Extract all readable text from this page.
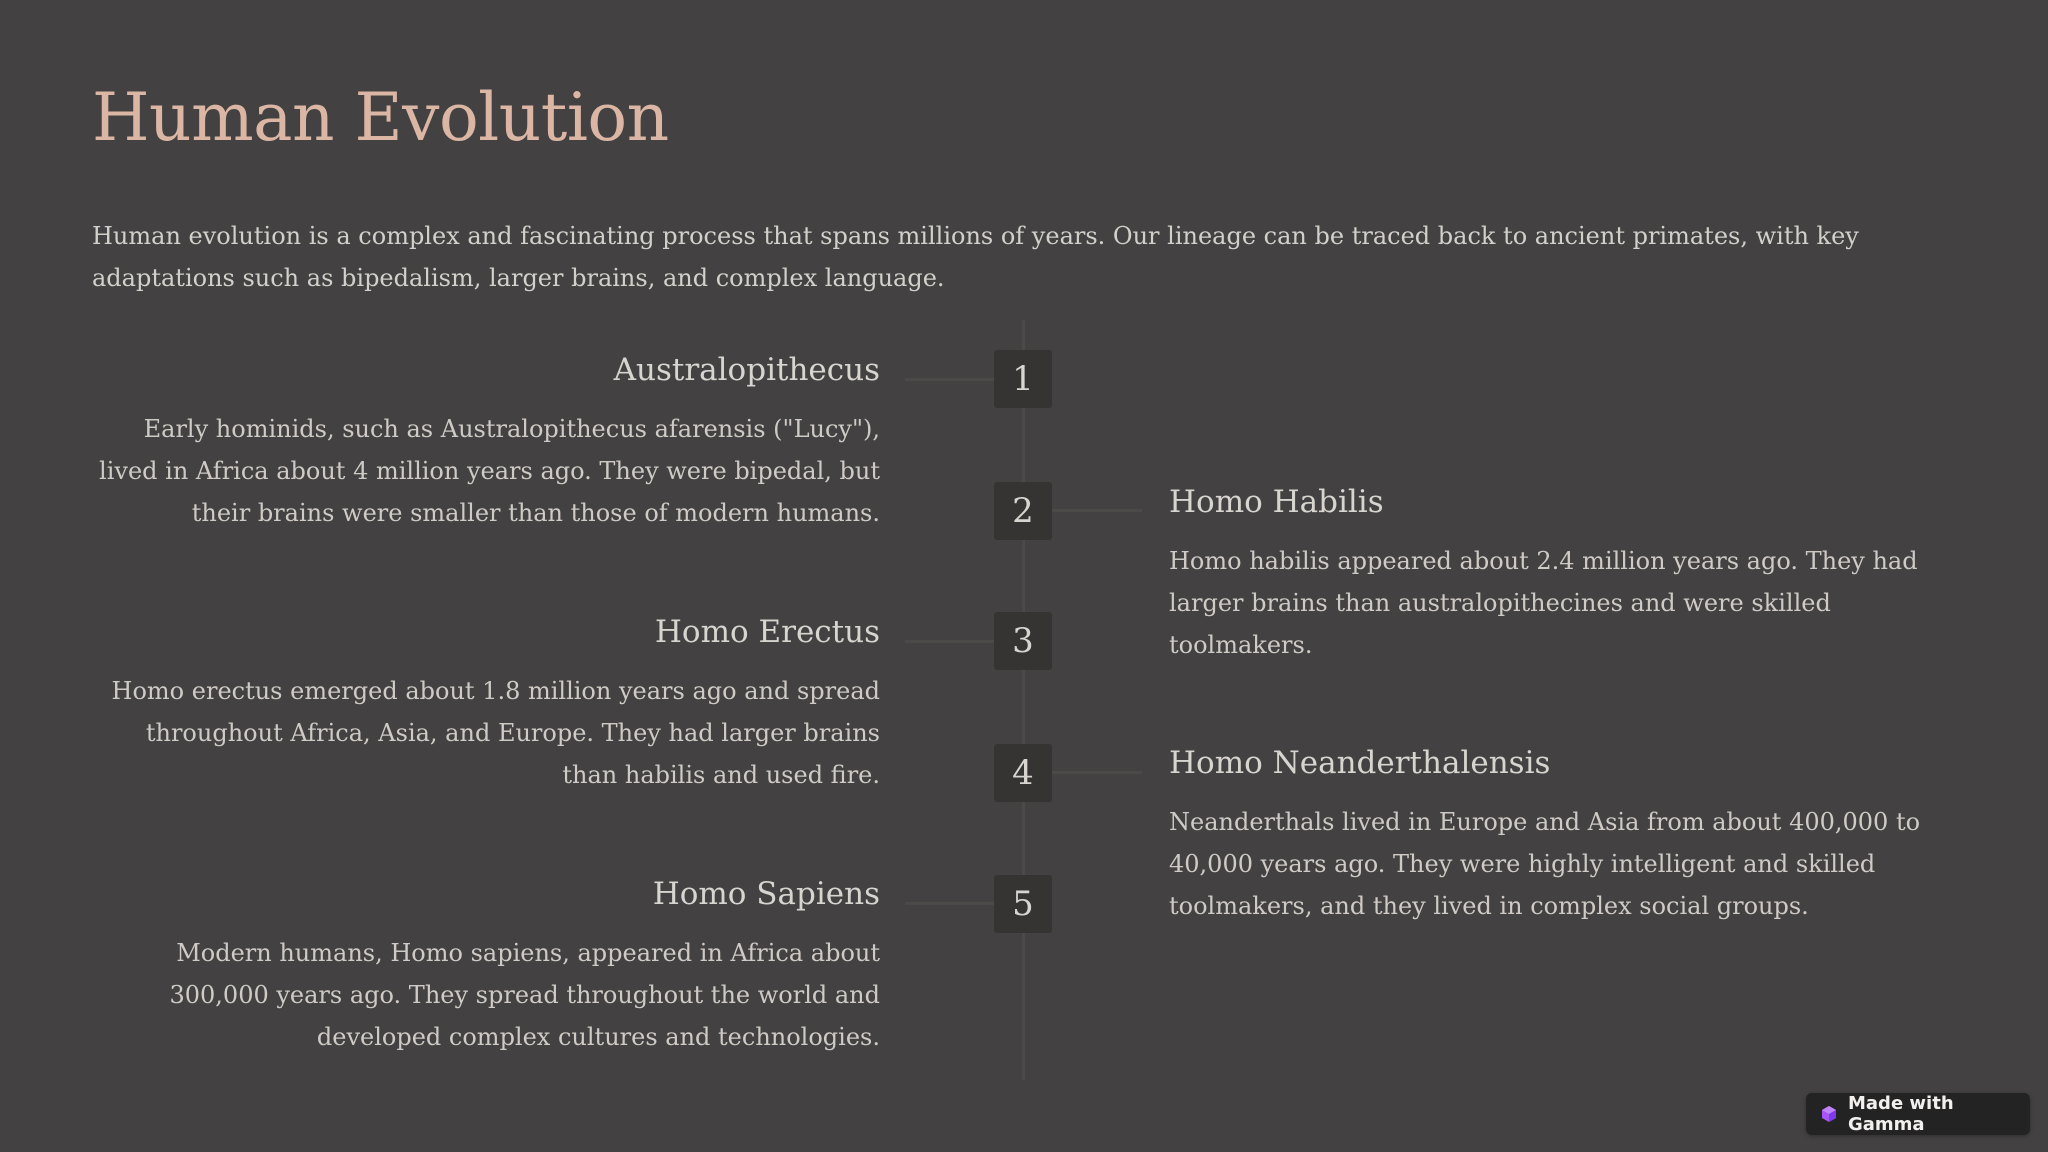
Human Evolution

Human evolution is a complex and fascinating process that spans millions of years. Our lineage can be traced back to ancient primates, with key adaptations such as bipedalism, larger brains, and complex language.

1
Australopithecus

Early hominids, such as Australopithecus afarensis ("Lucy"), lived in Africa about 4 million years ago. They were bipedal, but their brains were smaller than those of modern humans.	2	Homo Habilis

Homo habilis appeared about 2.4 million years ago. They had larger brains than australopithecines and were skilled toolmakers.

3
Homo Erectus

Homo erectus emerged about 1.8 million years ago and spread throughout Africa, Asia, and Europe. They had larger brains than habilis and used fire.	4	Homo Neanderthalensis

Neanderthals lived in Europe and Asia from about 400,000 to 40,000 years ago. They were highly intelligent and skilled toolmakers, and they lived in complex social groups.

5
Homo Sapiens

Modern humans, Homo sapiens, appeared in Africa about 300,000 years ago. They spread throughout the world and developed complex cultures and technologies.

Made with Gamma
